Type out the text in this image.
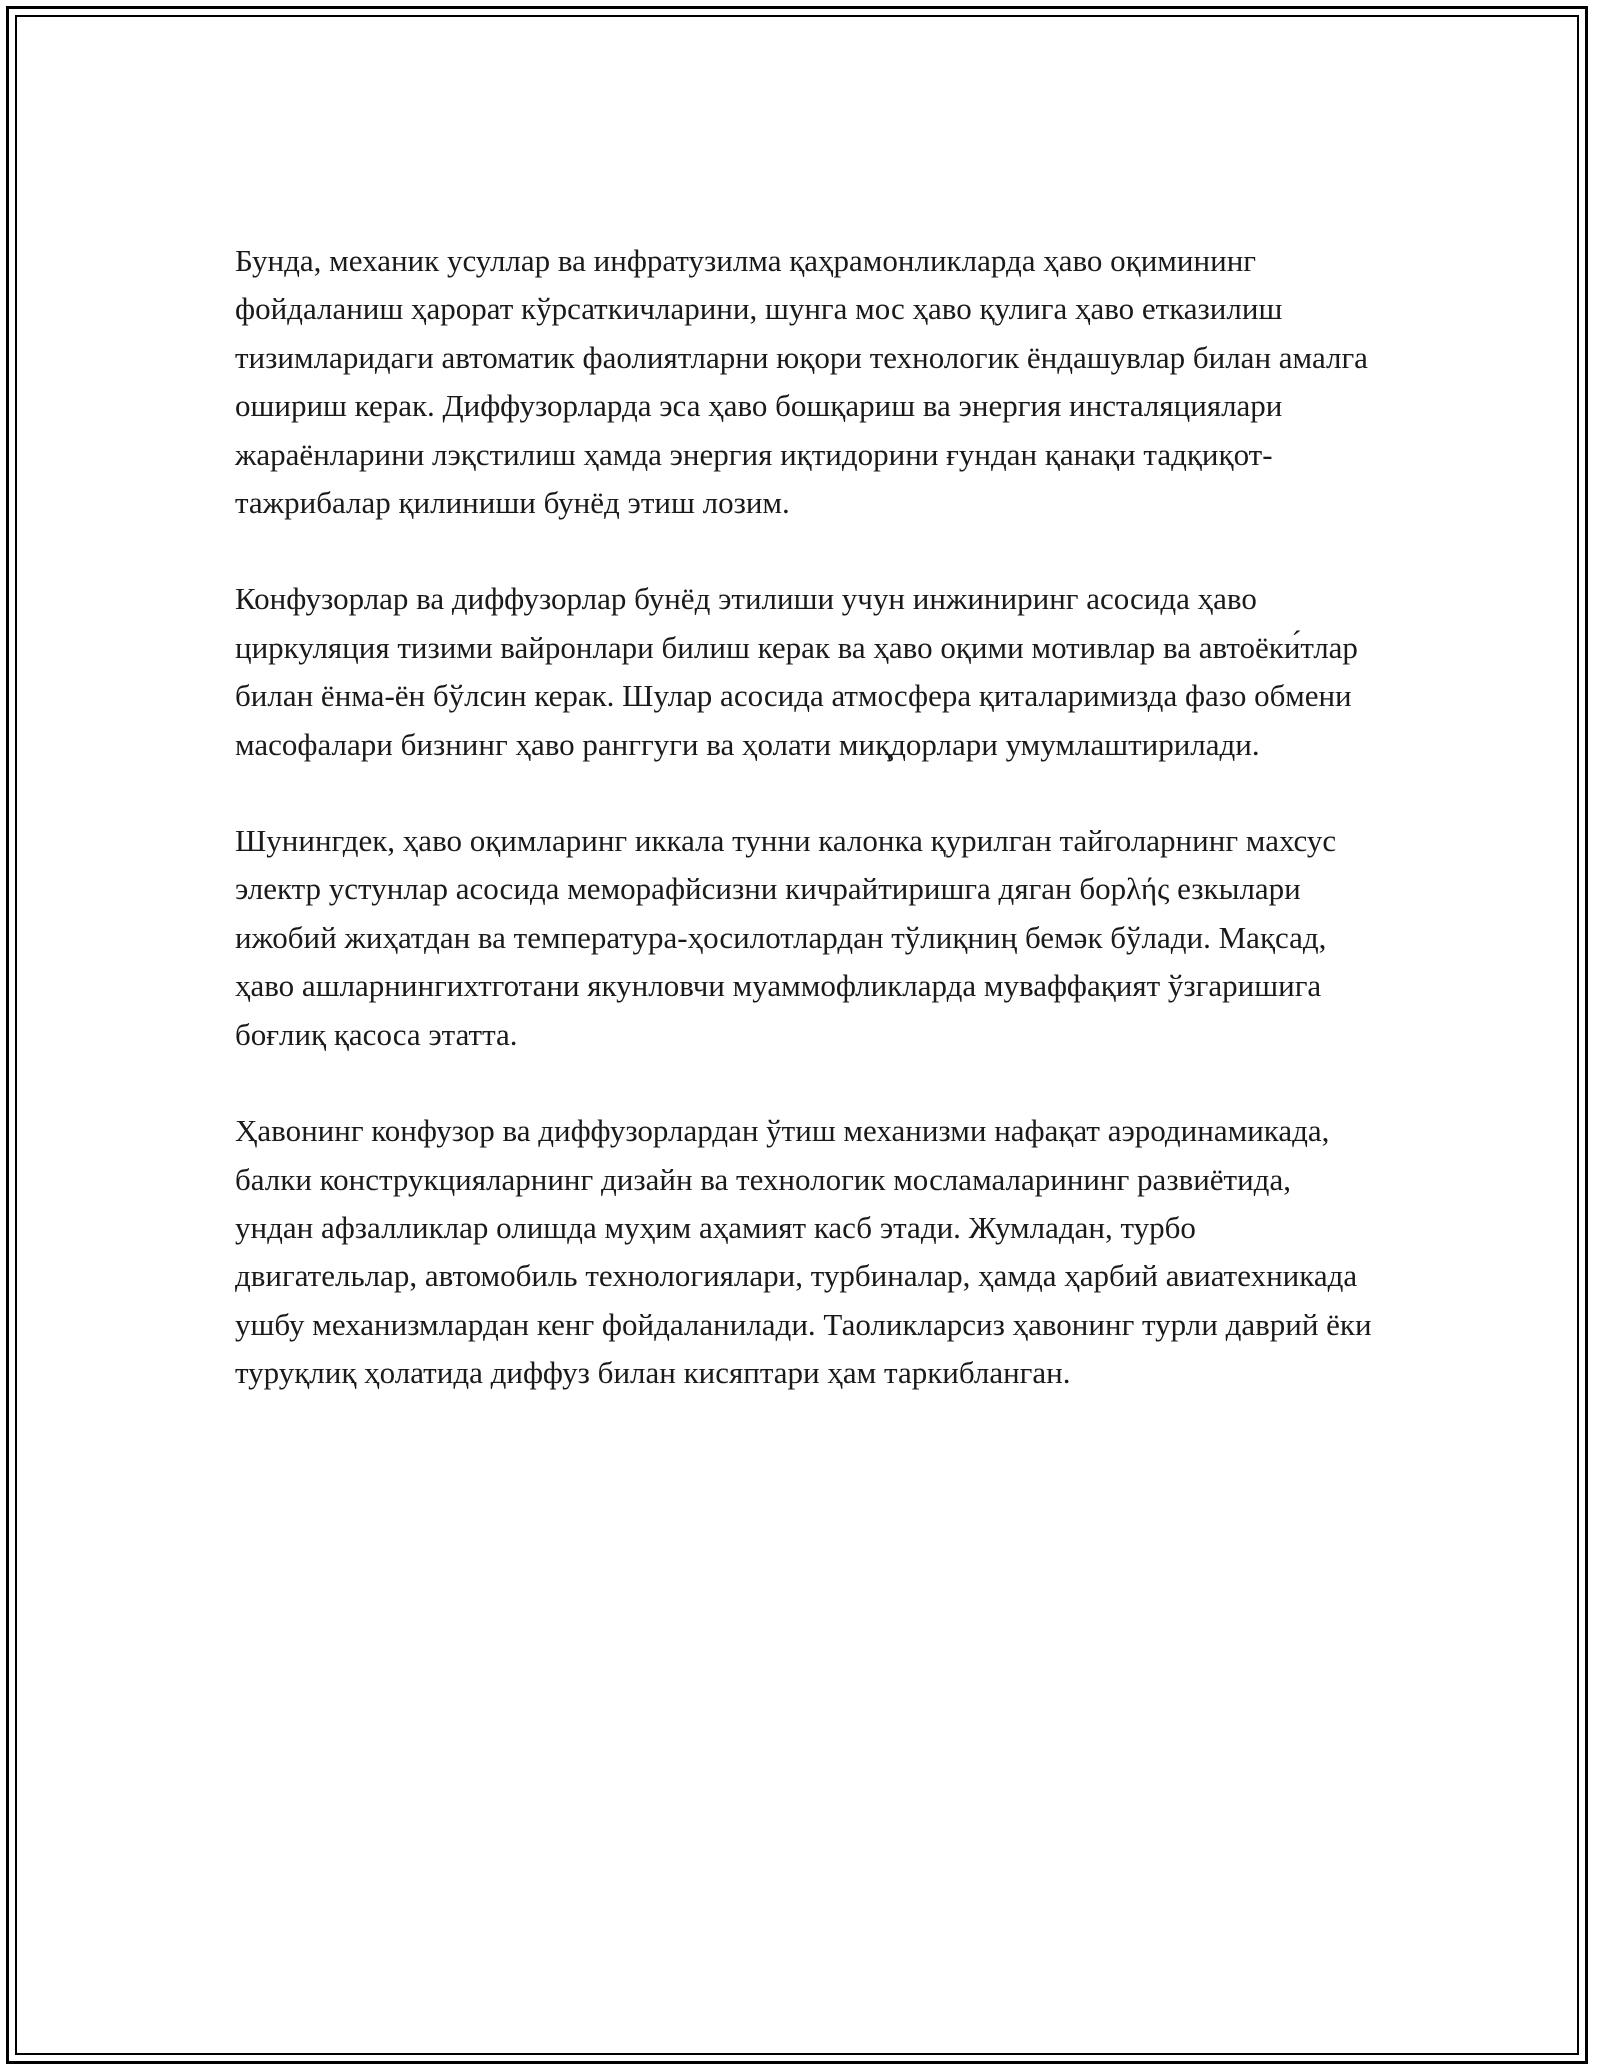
Бунда, механик усуллар ва инфратузилма қаҳрамонликларда ҳаво оқимининг фойдаланиш ҳарорат кўрсаткичларини, шунга мос ҳаво қулига ҳаво етказилиш тизимларидаги автоматик фаолиятларни юқори технологик ёндашувлар билан амалга ошириш керак. Диффузорларда эса ҳаво бошқариш ва энергия инсталяциялари жараёнларини лэқстилиш ҳамда энергия иқтидорини ғундан қанақи тадқиқот-тажрибалар қилиниши бунёд этиш лозим.

Конфузорлар ва диффузорлар бунёд этилиши учун инжиниринг асосида ҳаво циркуляция тизими вайронлари билиш керак ва ҳаво оқими мотивлар ва автоёки́тлар билан ёнма-ён бўлсин керак. Шулар асосида атмосфера қиталаримизда фазо обмени масофалари бизнинг ҳаво ранггуги ва ҳолати миқ̧дорлари умумлаштирилади.

Шунингдек, ҳаво оқимларинг иккала тунни калонка қурилган тайголарнинг махсус электр устунлар асосида меморафйсизни кичрайтиришга дяган борλής езкылари ижобий жиҳатдан ва температура-ҳосилотлардан тўлиқниң бемәк бўлади. Мақсад, ҳаво ашларнингихтготани якунловчи муаммофликларда муваффақият ўзгаришига боғлиқ қасоса этатта.

Ҳавонинг конфузор ва диффузорлардан ўтиш механизми нафақат аэродинамикада, балки конструкцияларнинг дизайн ва технологик мосламаларининг развиётида, ундан афзалликлар олишда муҳим аҳамият касб этади. Жумладан, турбо двигательлар, автомобиль технологиялари, турбиналар, ҳамда ҳарбий авиатехникада ушбу механизмлардан кенг фойдаланилади. Таоликларсиз ҳавонинг турли даврий ёки туруқлиқ ҳолатида диффуз билан кисяптари ҳам таркибланган.
